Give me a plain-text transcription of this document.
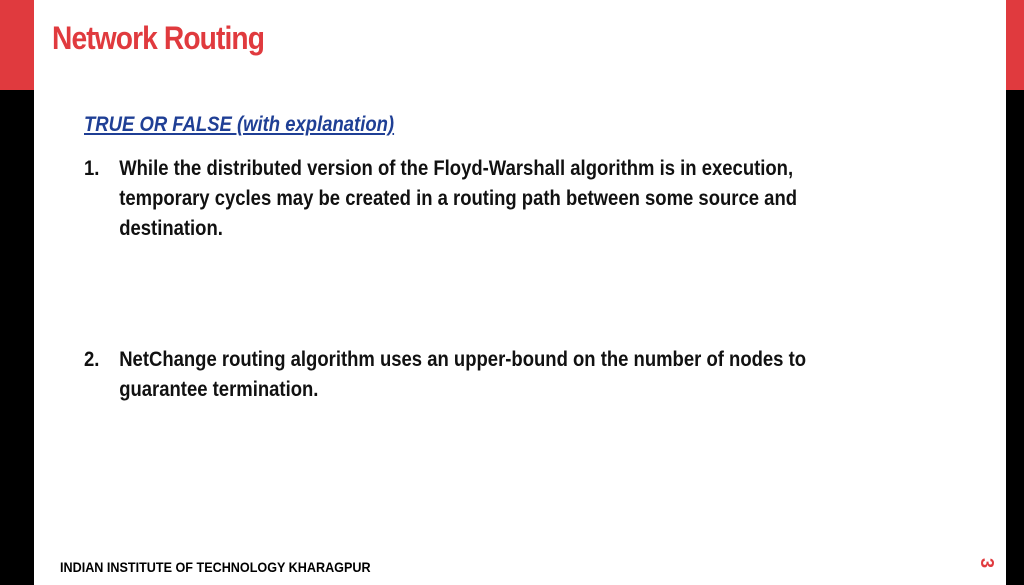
Network Routing
TRUE OR FALSE (with explanation)
1. While the distributed version of the Floyd-Warshall algorithm is in execution, temporary cycles may be created in a routing path between some source and destination.
2. NetChange routing algorithm uses an upper-bound on the number of nodes to guarantee termination.
INDIAN INSTITUTE OF TECHNOLOGY KHARAGPUR	3
